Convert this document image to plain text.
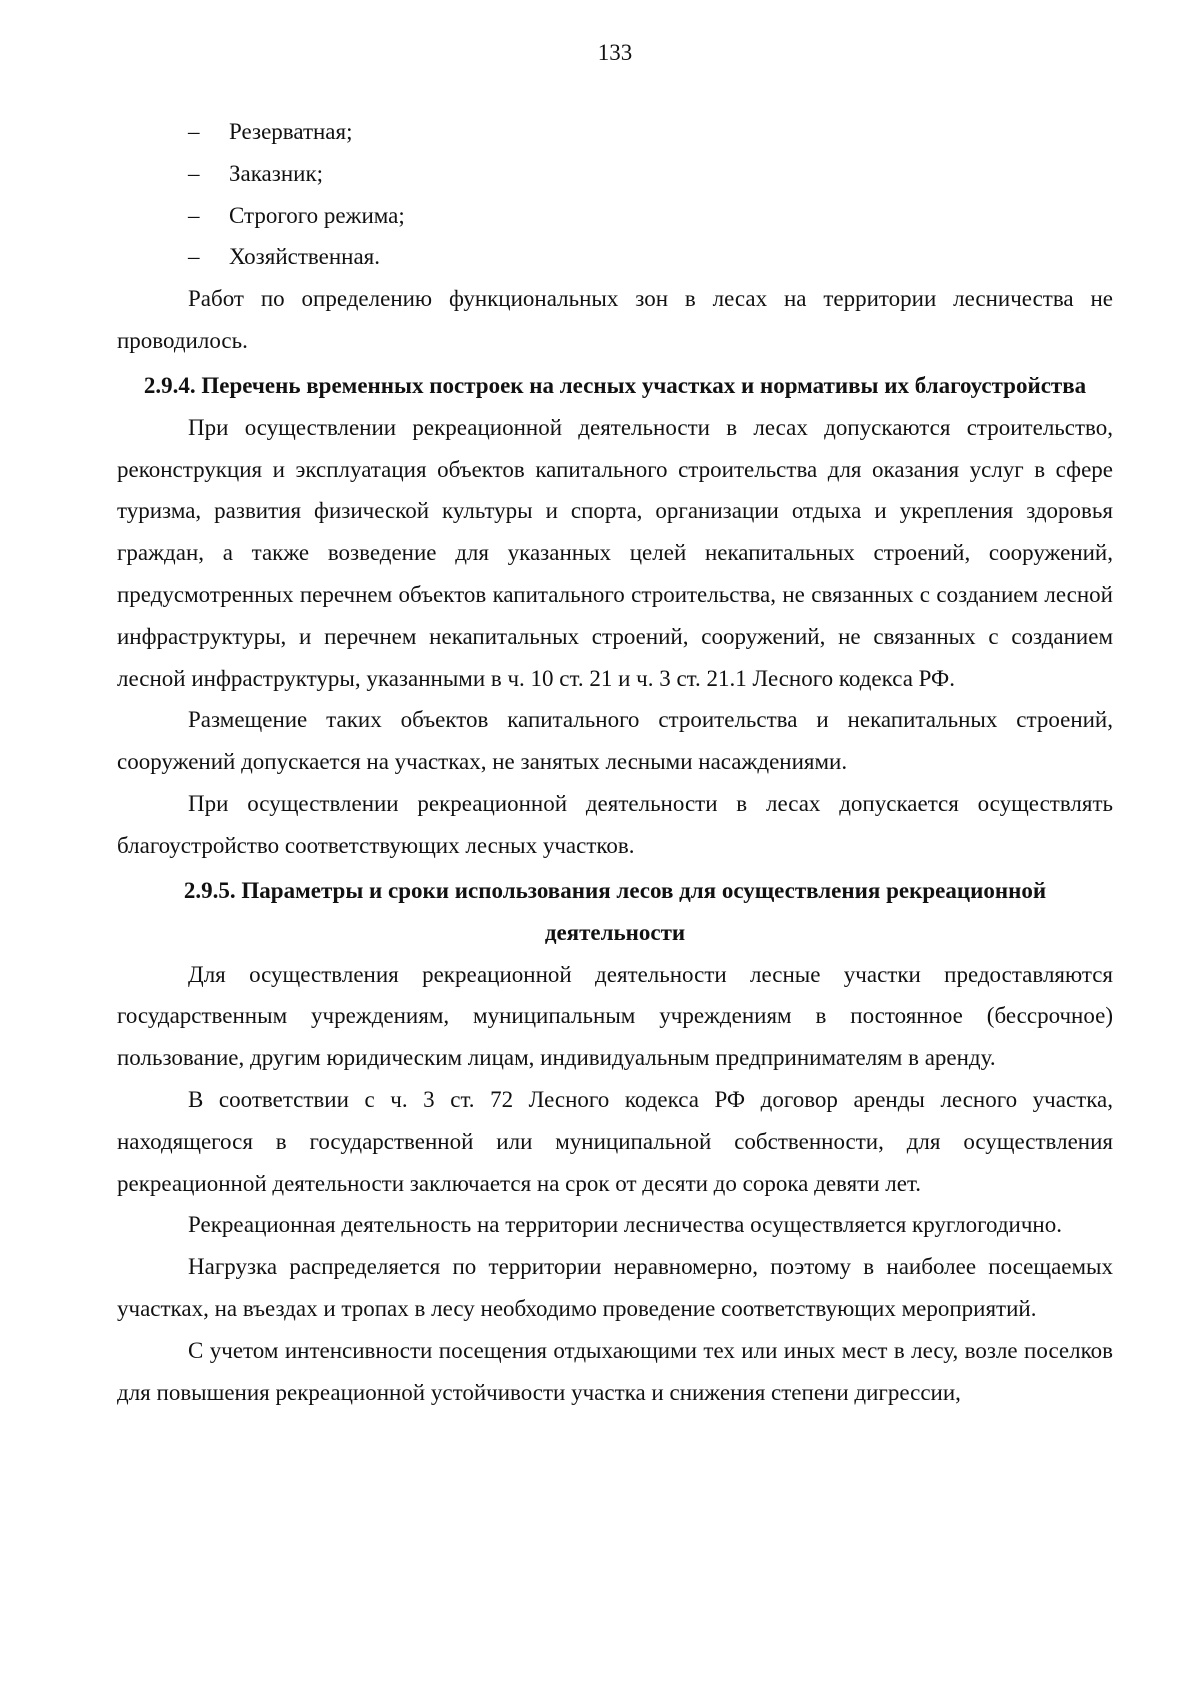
133
– Резерватная;
– Заказник;
– Строгого режима;
– Хозяйственная.

Работ по определению функциональных зон в лесах на территории лесничества не проводилось.

2.9.4. Перечень временных построек на лесных участках и нормативы их благоустройства

При осуществлении рекреационной деятельности в лесах допускаются строительство, реконструкция и эксплуатация объектов капитального строительства для оказания услуг в сфере туризма, развития физической культуры и спорта, организации отдыха и укрепления здоровья граждан, а также возведение для указанных целей некапитальных строений, сооружений, предусмотренных перечнем объектов капитального строительства, не связанных с созданием лесной инфраструктуры, и перечнем некапитальных строений, сооружений, не связанных с созданием лесной инфраструктуры, указанными в ч. 10 ст. 21 и ч. 3 ст. 21.1 Лесного кодекса РФ.

Размещение таких объектов капитального строительства и некапитальных строений, сооружений допускается на участках, не занятых лесными насаждениями.

При осуществлении рекреационной деятельности в лесах допускается осуществлять благоустройство соответствующих лесных участков.

2.9.5. Параметры и сроки использования лесов для осуществления рекреационной деятельности

Для осуществления рекреационной деятельности лесные участки предоставляются государственным учреждениям, муниципальным учреждениям в постоянное (бессрочное) пользование, другим юридическим лицам, индивидуальным предпринимателям в аренду.

В соответствии с ч. 3 ст. 72 Лесного кодекса РФ договор аренды лесного участка, находящегося в государственной или муниципальной собственности, для осуществления рекреационной деятельности заключается на срок от десяти до сорока девяти лет.

Рекреационная деятельность на территории лесничества осуществляется круглогодично.

Нагрузка распределяется по территории неравномерно, поэтому в наиболее посещаемых участках, на въездах и тропах в лесу необходимо проведение соответствующих мероприятий.

С учетом интенсивности посещения отдыхающими тех или иных мест в лесу, возле поселков для повышения рекреационной устойчивости участка и снижения степени дигрессии,
